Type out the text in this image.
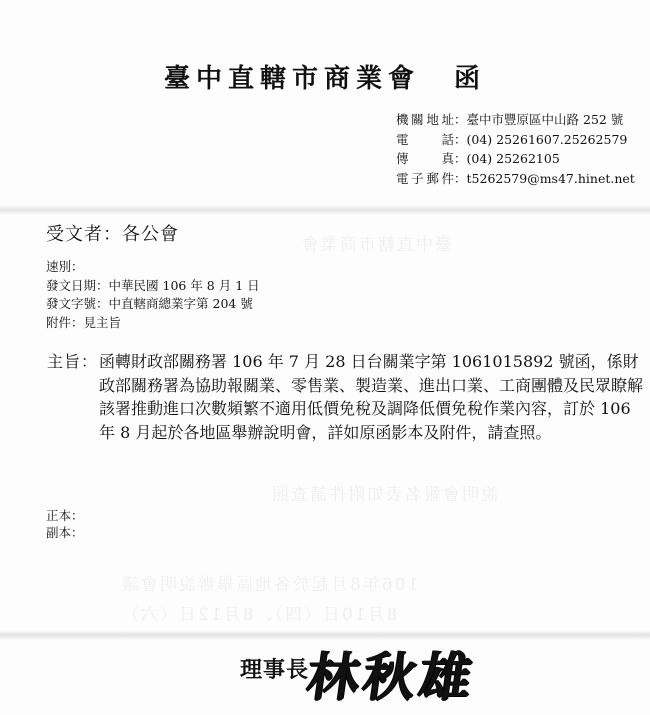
臺中直轄市商業會
說明會報名表如附件請查照
106年8月起於各地區舉辦說明會議
8月10日（四）、8月12日（六）
臺中直轄市商業會 函
機關地址：臺中市豐原區中山路 252 號
電　話：(04) 25261607.25262579
傳　真：(04) 25262105
電子郵件：t5262579@ms47.hinet.net
受文者：各公會
速別：
發文日期：中華民國 106 年 8 月 1 日
發文字號：中直轄商總業字第 204 號
附件：見主旨
主旨： 函轉財政部關務署 106 年 7 月 28 日台關業字第 1061015892 號函，係財政部關務署為協助報關業、零售業、製造業、進出口業、工商團體及民眾瞭解該署推動進口次數頻繁不適用低價免稅及調降低價免稅作業內容，訂於 106 年 8 月起於各地區舉辦說明會，詳如原函影本及附件，請查照。
正本：
副本：
理事長
林秋雄
